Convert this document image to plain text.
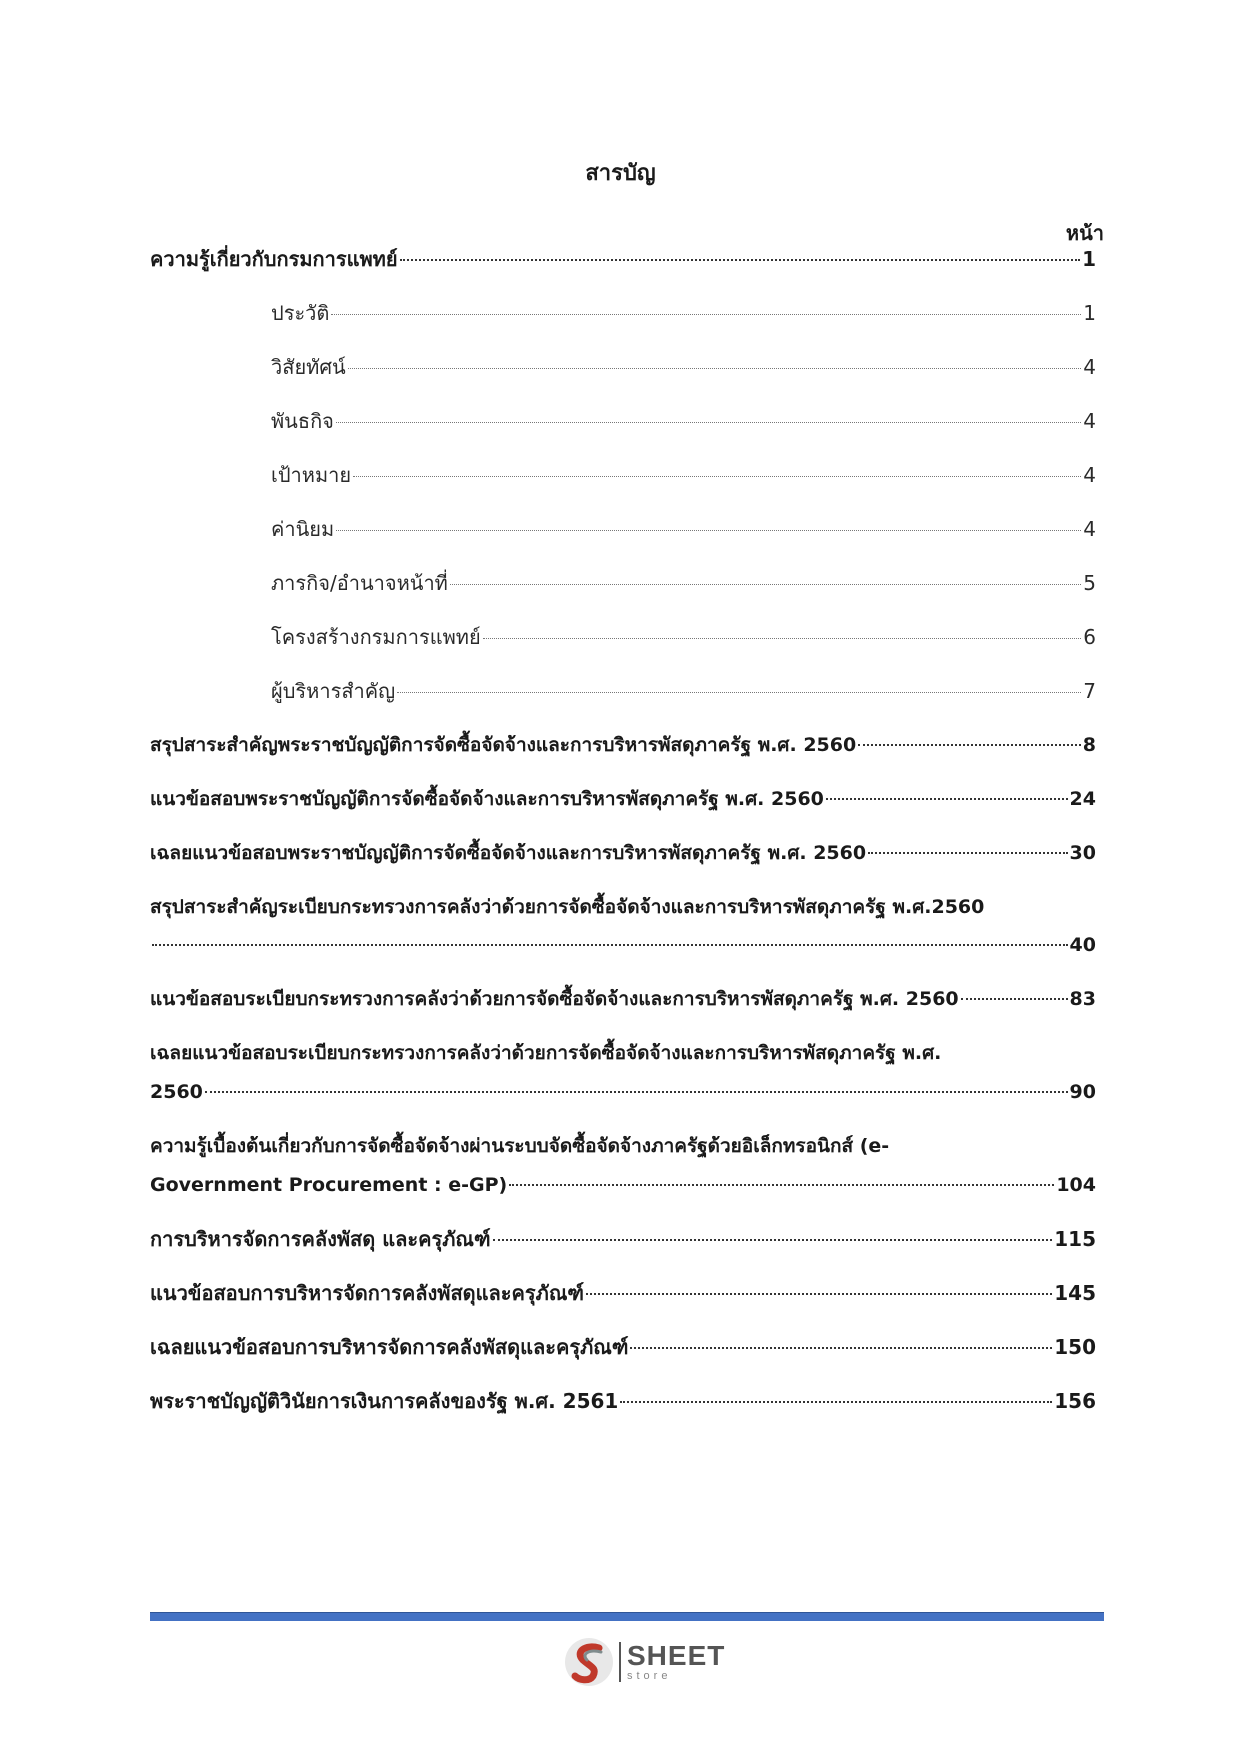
สารบัญ
หน้า
ความรู้เกี่ยวกับกรมการแพทย์	1
ประวัติ	1
วิสัยทัศน์	4
พันธกิจ	4
เป้าหมาย	4
ค่านิยม	4
ภารกิจ/อำนาจหน้าที่	5
โครงสร้างกรมการแพทย์	6
ผู้บริหารสำคัญ	7
สรุปสาระสำคัญพระราชบัญญัติการจัดซื้อจัดจ้างและการบริหารพัสดุภาครัฐ พ.ศ. 2560	8
แนวข้อสอบพระราชบัญญัติการจัดซื้อจัดจ้างและการบริหารพัสดุภาครัฐ พ.ศ. 2560	24
เฉลยแนวข้อสอบพระราชบัญญัติการจัดซื้อจัดจ้างและการบริหารพัสดุภาครัฐ พ.ศ. 2560	30
สรุปสาระสำคัญระเบียบกระทรวงการคลังว่าด้วยการจัดซื้อจัดจ้างและการบริหารพัสดุภาครัฐ พ.ศ.2560
40
แนวข้อสอบระเบียบกระทรวงการคลังว่าด้วยการจัดซื้อจัดจ้างและการบริหารพัสดุภาครัฐ พ.ศ. 2560	83
เฉลยแนวข้อสอบระเบียบกระทรวงการคลังว่าด้วยการจัดซื้อจัดจ้างและการบริหารพัสดุภาครัฐ พ.ศ.
2560	90
ความรู้เบื้องต้นเกี่ยวกับการจัดซื้อจัดจ้างผ่านระบบจัดซื้อจัดจ้างภาครัฐด้วยอิเล็กทรอนิกส์ (e-
Government Procurement : e-GP)	104
การบริหารจัดการคลังพัสดุ และครุภัณฑ์	115
แนวข้อสอบการบริหารจัดการคลังพัสดุและครุภัณฑ์	145
เฉลยแนวข้อสอบการบริหารจัดการคลังพัสดุและครุภัณฑ์	150
พระราชบัญญัติวินัยการเงินการคลังของรัฐ พ.ศ. 2561	156
SHEET
store
